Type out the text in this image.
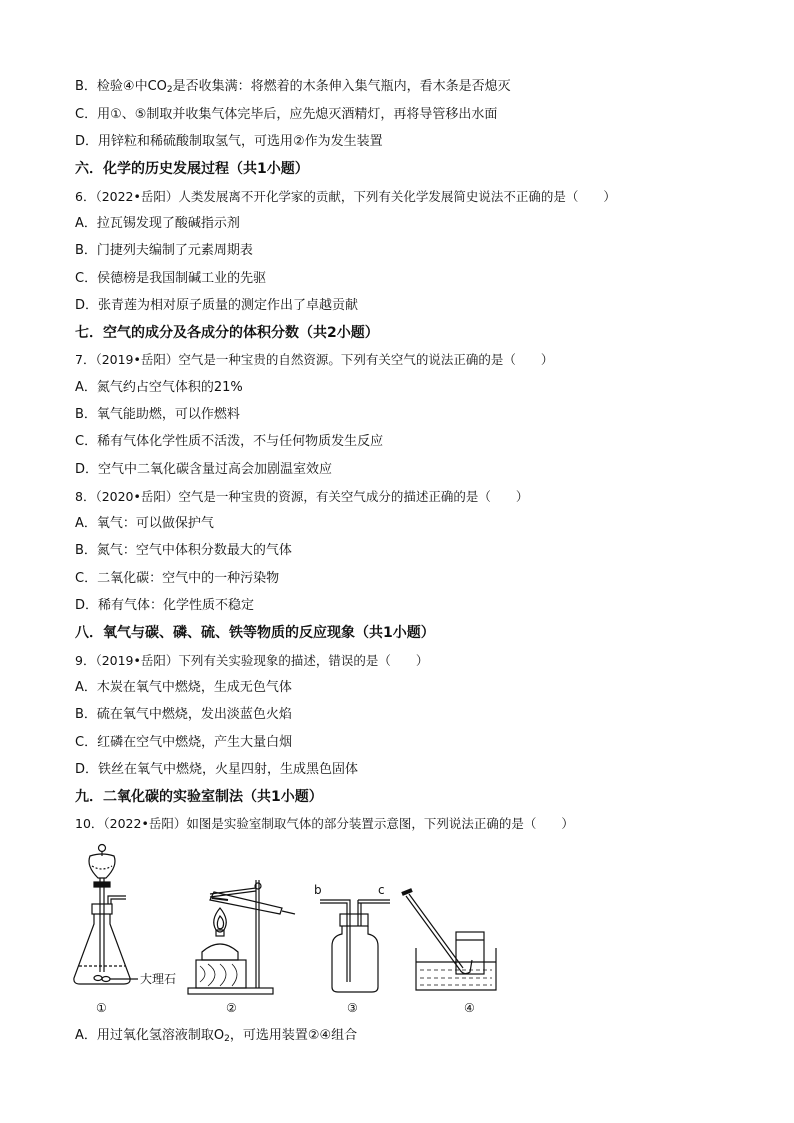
B．检验④中$CO_2$是否收集满：将燃着的木条伸入集气瓶内，看木条是否熄灭
C．用①、⑤制取并收集气体完毕后，应先熄灭酒精灯，再将导管移出水面
D．用锌粒和稀硫酸制取氢气，可选用②作为发生装置
六．化学的历史发展过程（共1小题）
6．（2022•岳阳）人类发展离不开化学家的贡献，下列有关化学发展简史说法不正确的是（　　）
A．拉瓦锡发现了酸碱指示剂
B．门捷列夫编制了元素周期表
C．侯德榜是我国制碱工业的先驱
D．张青莲为相对原子质量的测定作出了卓越贡献
七．空气的成分及各成分的体积分数（共2小题）
7．（2019•岳阳）空气是一种宝贵的自然资源。下列有关空气的说法正确的是（　　）
A．氮气约占空气体积的21%
B．氧气能助燃，可以作燃料
C．稀有气体化学性质不活泼，不与任何物质发生反应
D．空气中二氧化碳含量过高会加剧温室效应
8．（2020•岳阳）空气是一种宝贵的资源，有关空气成分的描述正确的是（　　）
A．氧气：可以做保护气
B．氮气：空气中体积分数最大的气体
C．二氧化碳：空气中的一种污染物
D．稀有气体：化学性质不稳定
八．氧气与碳、磷、硫、铁等物质的反应现象（共1小题）
9．（2019•岳阳）下列有关实验现象的描述，错误的是（　　）
A．木炭在氧气中燃烧，生成无色气体
B．硫在氧气中燃烧，发出淡蓝色火焰
C．红磷在空气中燃烧，产生大量白烟
D．铁丝在氧气中燃烧，火星四射，生成黑色固体
九．二氧化碳的实验室制法（共1小题）
10．（2022•岳阳）如图是实验室制取气体的部分装置示意图，下列说法正确的是（　　）
大理石
①	②
b	c
③	④
A．用过氧化氢溶液制取$O_2$，可选用装置②④组合
